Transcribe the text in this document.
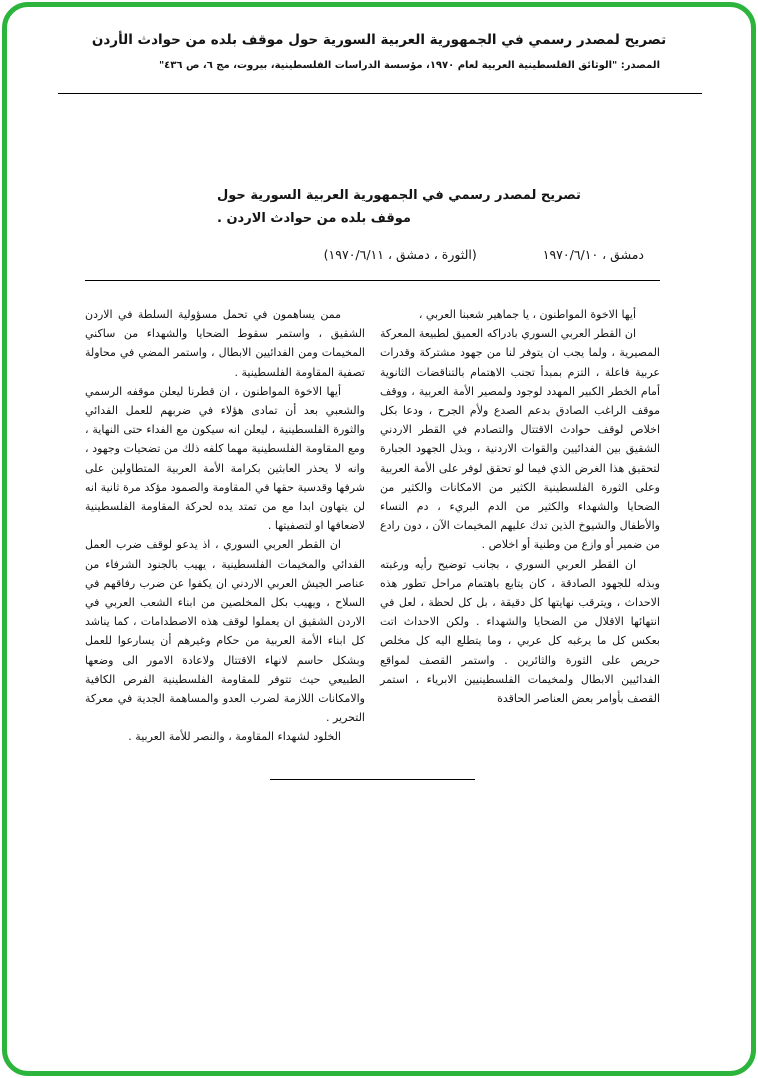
تصريح لمصدر رسمي في الجمهورية العربية السورية حول موقف بلده من حوادث الأردن
المصدر: "الوثائق الفلسطينية العربية لعام ١٩٧٠، مؤسسة الدراسات الفلسطينية، بيروت، مج ٦، ص ٤٣٦"
تصريح لمصدر رسمي في الجمهورية العربية السورية حول
موقف بلده من حوادث الاردن .
دمشق ، ١٩٧٠/٦/١٠
(الثورة ، دمشق ، ١٩٧٠/٦/١١)

أيها الاخوة المواطنون ، يا جماهير شعبنا العربي ،

ان القطر العربي السوري بادراكه العميق لطبيعة المعركة المصيرية ، ولما يجب ان يتوفر لنا من جهود مشتركة وقدرات عربية فاعلة ، التزم بمبدأ تجنب الاهتمام بالتناقضات الثانوية أمام الخطر الكبير المهدد لوجود ولمصير الأمة العربية ، ووقف موقف الراغب الصادق بدعم الصدع ولأم الجرح ، ودعا بكل اخلاص لوقف حوادث الاقتتال والتصادم في القطر الاردني الشقيق بين الفدائيين والقوات الاردنية ، وبذل الجهود الجبارة لتحقيق هذا الغرض الذي فيما لو تحقق لوفر على الأمة العربية وعلى الثورة الفلسطينية الكثير من الامكانات والكثير من الضحايا والشهداء والكثير من الدم البريء ، دم النساء والأطفال والشيوخ الذين تدك عليهم المخيمات الآن ، دون رادع من ضمير أو وازع من وطنية أو اخلاص .

ان القطر العربي السوري ، بجانب توضيح رأيه ورغبته وبذله للجهود الصادقة ، كان يتابع باهتمام مراحل تطور هذه الاحداث ، ويترقب نهايتها كل دقيقة ، بل كل لحظة ، لعل في انتهائها الاقلال من الضحايا والشهداء . ولكن الاحداث اتت بعكس كل ما يرغبه كل عربي ، وما يتطلع اليه كل مخلص حريص على الثورة والثائرين . واستمر القصف لمواقع الفدائيين الابطال ولمخيمات الفلسطينيين الابرياء ، استمر القصف بأوامر بعض العناصر الحاقدة

ممن يساهمون في تحمل مسؤولية السلطة في الاردن الشقيق ، واستمر سقوط الضحايا والشهداء من ساكني المخيمات ومن الفدائيين الابطال ، واستمر المضي في محاولة تصفية المقاومة الفلسطينية .

أيها الاخوة المواطنون ، ان قطرنا ليعلن موقفه الرسمي والشعبي بعد أن تمادى هؤلاء في ضربهم للعمل الفدائي والثورة الفلسطينية ، ليعلن انه سيكون مع الفداء حتى النهاية ، ومع المقاومة الفلسطينية مهما كلفه ذلك من تضحيات وجهود ، وانه لا يحذر العابثين بكرامة الأمة العربية المتطاولين على شرفها وقدسية حقها في المقاومة والصمود مؤكد مرة ثانية انه لن يتهاون ابدا مع من تمتد يده لحركة المقاومة الفلسطينية لاضعافها او لتصفيتها .

ان القطر العربي السوري ، اذ يدعو لوقف ضرب العمل الفدائي والمخيمات الفلسطينية ، يهيب بالجنود الشرفاء من عناصر الجيش العربي الاردني ان يكفوا عن ضرب رفاقهم في السلاح ، ويهيب بكل المخلصين من ابناء الشعب العربي في الاردن الشقيق ان يعملوا لوقف هذه الاصطدامات ، كما يناشد كل ابناء الأمة العربية من حكام وغيرهم أن يسارعوا للعمل وبشكل حاسم لانهاء الاقتتال ولاعادة الامور الى وضعها الطبيعي حيث تتوفر للمقاومة الفلسطينية الفرص الكافية والامكانات اللازمة لضرب العدو والمساهمة الجدية في معركة التحرير .

الخلود لشهداء المقاومة ، والنصر للأمة العربية .
